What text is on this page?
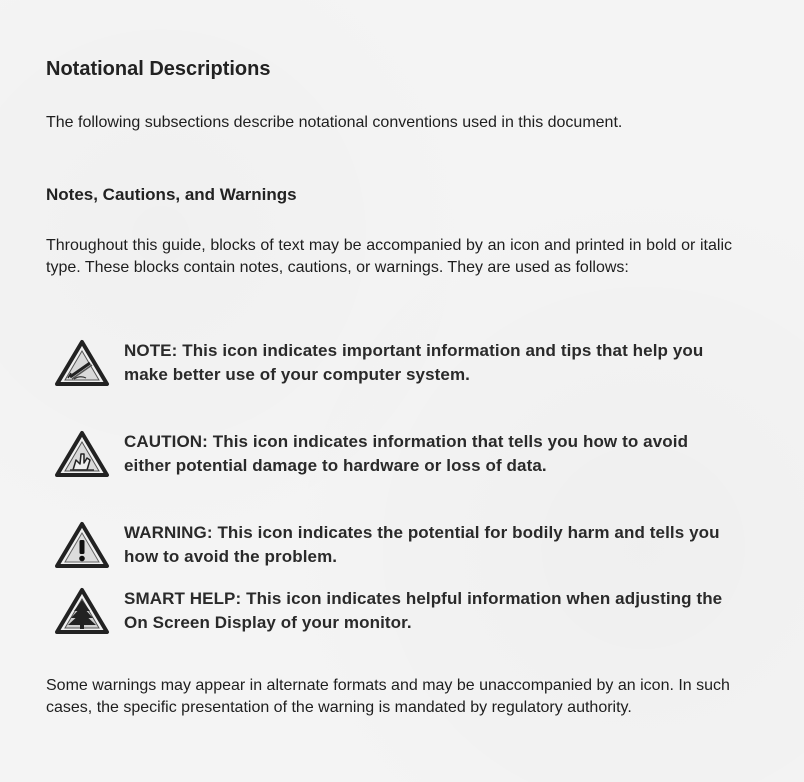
Notational Descriptions

The following subsections describe notational conventions used in this document.

Notes, Cautions, and Warnings

Throughout this guide, blocks of text may be accompanied by an icon and printed in bold or italic type. These blocks contain notes, cautions, or warnings. They are used as follows:

NOTE: This icon indicates important information and tips that help you make better use of your computer system.
CAUTION: This icon indicates information that tells you how to avoid either potential damage to hardware or loss of data.
WARNING: This icon indicates the potential for bodily harm and tells you how to avoid the problem.
SMART HELP: This icon indicates helpful information when adjusting the On Screen Display of your monitor.

Some warnings may appear in alternate formats and may be unaccompanied by an icon. In such cases, the specific presentation of the warning is mandated by regulatory authority.
